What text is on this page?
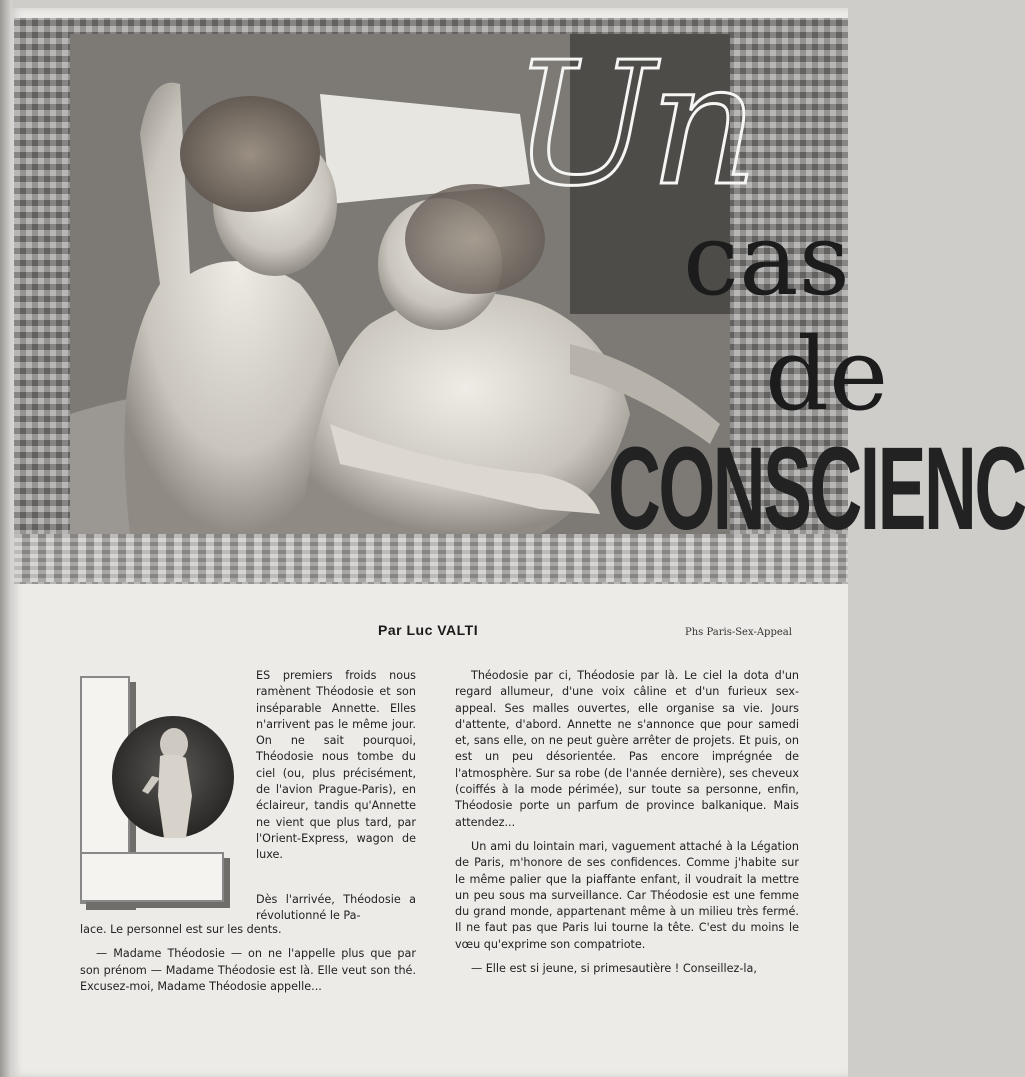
Un
cas
de
CONSCIENC
Par Luc VALTI	Phs Paris-Sex-Appeal
ES premiers froids nous ramènent Théodosie et son inséparable Annette. Elles n'arrivent pas le même jour. On ne sait pourquoi, Théodosie nous tombe du ciel (ou, plus précisément, de l'avion Prague-Paris), en éclaireur, tandis qu'Annette ne vient que plus tard, par l'Orient-Express, wagon de luxe.
Dès l'arrivée, Théodosie a révolutionné le Pa-

lace. Le personnel est sur les dents.

— Madame Théodosie — on ne l'appelle plus que par son prénom — Madame Théodosie est là. Elle veut son thé. Excusez-moi, Madame Théodosie appelle...

Théodosie par ci, Théodosie par là. Le ciel la dota d'un regard allumeur, d'une voix câline et d'un furieux sex-appeal. Ses malles ouvertes, elle organise sa vie. Jours d'attente, d'abord. Annette ne s'annonce que pour samedi et, sans elle, on ne peut guère arrêter de projets. Et puis, on est un peu désorientée. Pas encore imprégnée de l'atmosphère. Sur sa robe (de l'année dernière), ses cheveux (coiffés à la mode périmée), sur toute sa personne, enfin, Théodosie porte un parfum de province balkanique. Mais attendez...

Un ami du lointain mari, vaguement attaché à la Légation de Paris, m'honore de ses confidences. Comme j'habite sur le même palier que la piaffante enfant, il voudrait la mettre un peu sous ma surveillance. Car Théodosie est une femme du grand monde, appartenant même à un milieu très fermé. Il ne faut pas que Paris lui tourne la tête. C'est du moins le vœu qu'exprime son compatriote.

— Elle est si jeune, si primesautière ! Conseillez-la,
